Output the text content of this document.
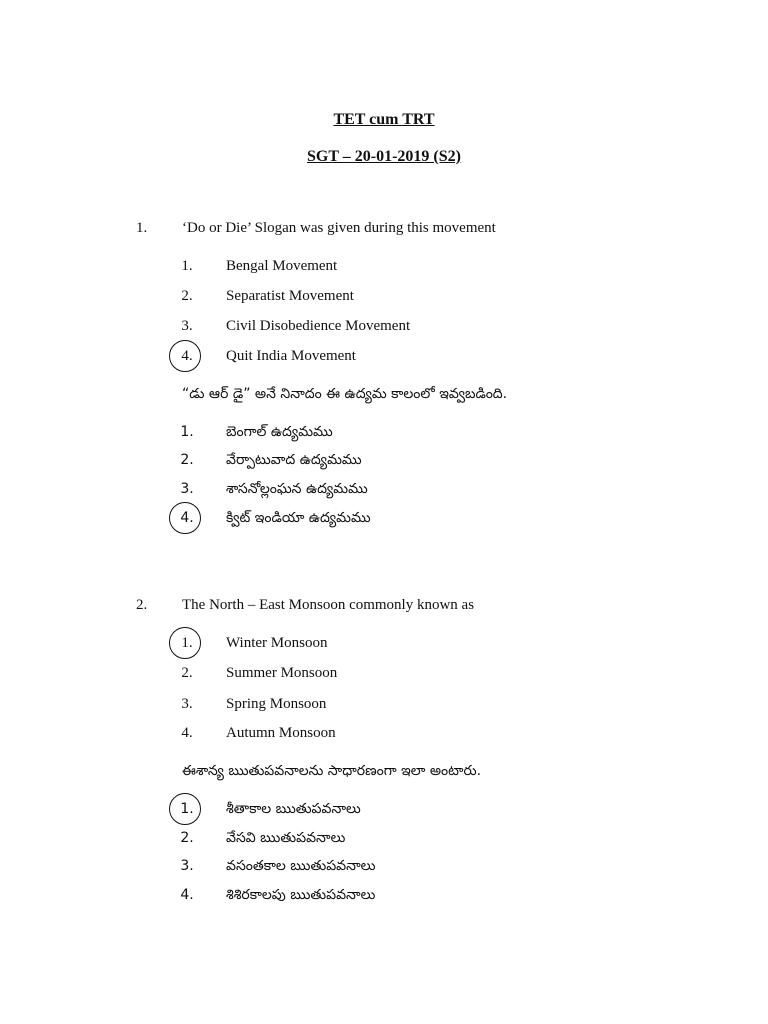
TET cum TRT
SGT – 20-01-2019 (S2)
1. ‘Do or Die’ Slogan was given during this movement
1. Bengal Movement
2. Separatist Movement
3. Civil Disobedience Movement
4. Quit India Movement
“డు ఆర్ డై” అనే నినాదం ఈ ఉద్యమ కాలంలో ఇవ్వబడింది.
1. బెంగాల్ ఉద్యమము
2. వేర్పాటువాద ఉద్యమము
3. శాసనోల్లంఘన ఉద్యమము
4. క్విట్ ఇండియా ఉద్యమము
2. The North – East Monsoon commonly known as
1. Winter Monsoon
2. Summer Monsoon
3. Spring Monsoon
4. Autumn Monsoon
ఈశాన్య ఋతుపవనాలను సాధారణంగా ఇలా అంటారు.
1. శీతాకాల ఋతుపవనాలు
2. వేసవి ఋతుపవనాలు
3. వసంతకాల ఋతుపవనాలు
4. శిశిరకాలపు ఋతుపవనాలు
